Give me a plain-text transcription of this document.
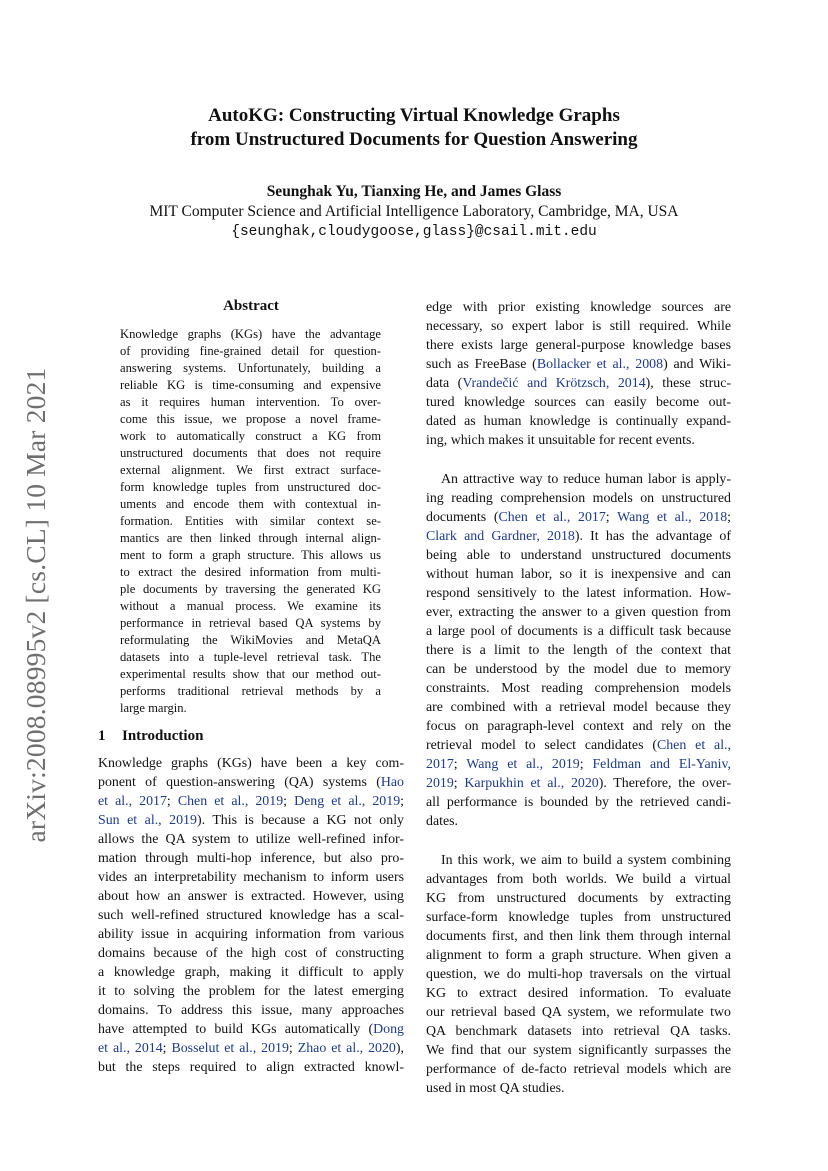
arXiv:2008.08995v2 [cs.CL] 10 Mar 2021
AutoKG: Constructing Virtual Knowledge Graphs
from Unstructured Documents for Question Answering
Seunghak Yu, Tianxing He, and James Glass
MIT Computer Science and Artificial Intelligence Laboratory, Cambridge, MA, USA
{seunghak,cloudygoose,glass}@csail.mit.edu
Abstract
Knowledge graphs (KGs) have the advantage
of providing fine-grained detail for question-
answering systems. Unfortunately, building a
reliable KG is time-consuming and expensive
as it requires human intervention. To over-
come this issue, we propose a novel frame-
work to automatically construct a KG from
unstructured documents that does not require
external alignment. We first extract surface-
form knowledge tuples from unstructured doc-
uments and encode them with contextual in-
formation. Entities with similar context se-
mantics are then linked through internal align-
ment to form a graph structure. This allows us
to extract the desired information from multi-
ple documents by traversing the generated KG
without a manual process. We examine its
performance in retrieval based QA systems by
reformulating the WikiMovies and MetaQA
datasets into a tuple-level retrieval task. The
experimental results show that our method out-
performs traditional retrieval methods by a
large margin.
1 Introduction
Knowledge graphs (KGs) have been a key com-
ponent of question-answering (QA) systems (Hao
et al., 2017; Chen et al., 2019; Deng et al., 2019;
Sun et al., 2019). This is because a KG not only
allows the QA system to utilize well-refined infor-
mation through multi-hop inference, but also pro-
vides an interpretability mechanism to inform users
about how an answer is extracted. However, using
such well-refined structured knowledge has a scal-
ability issue in acquiring information from various
domains because of the high cost of constructing
a knowledge graph, making it difficult to apply
it to solving the problem for the latest emerging
domains. To address this issue, many approaches
have attempted to build KGs automatically (Dong
et al., 2014; Bosselut et al., 2019; Zhao et al., 2020),
but the steps required to align extracted knowl-
edge with prior existing knowledge sources are
necessary, so expert labor is still required. While
there exists large general-purpose knowledge bases
such as FreeBase (Bollacker et al., 2008) and Wiki-
data (Vrandečić and Krötzsch, 2014), these struc-
tured knowledge sources can easily become out-
dated as human knowledge is continually expand-
ing, which makes it unsuitable for recent events.
An attractive way to reduce human labor is apply-
ing reading comprehension models on unstructured
documents (Chen et al., 2017; Wang et al., 2018;
Clark and Gardner, 2018). It has the advantage of
being able to understand unstructured documents
without human labor, so it is inexpensive and can
respond sensitively to the latest information. How-
ever, extracting the answer to a given question from
a large pool of documents is a difficult task because
there is a limit to the length of the context that
can be understood by the model due to memory
constraints. Most reading comprehension models
are combined with a retrieval model because they
focus on paragraph-level context and rely on the
retrieval model to select candidates (Chen et al.,
2017; Wang et al., 2019; Feldman and El-Yaniv,
2019; Karpukhin et al., 2020). Therefore, the over-
all performance is bounded by the retrieved candi-
dates.
In this work, we aim to build a system combining
advantages from both worlds. We build a virtual
KG from unstructured documents by extracting
surface-form knowledge tuples from unstructured
documents first, and then link them through internal
alignment to form a graph structure. When given a
question, we do multi-hop traversals on the virtual
KG to extract desired information. To evaluate
our retrieval based QA system, we reformulate two
QA benchmark datasets into retrieval QA tasks.
We find that our system significantly surpasses the
performance of de-facto retrieval models which are
used in most QA studies.
